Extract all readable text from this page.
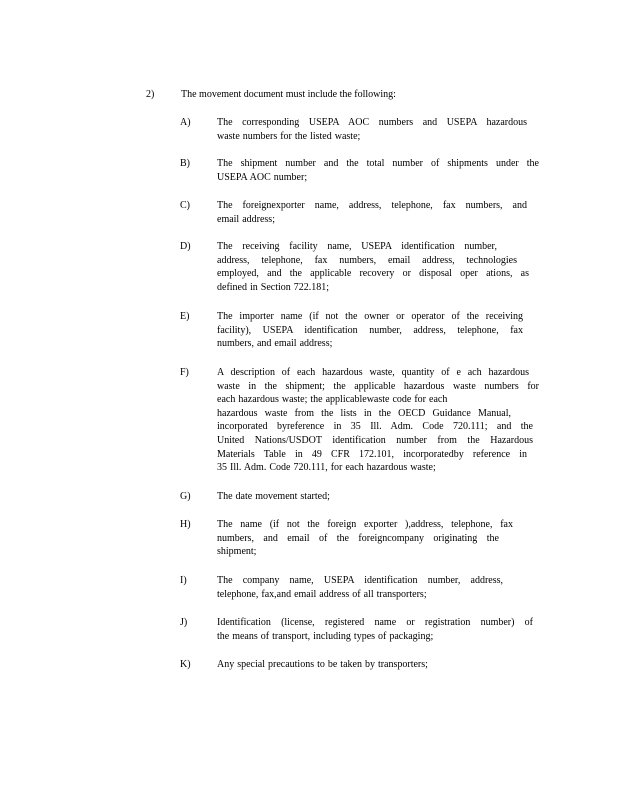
2)	The movement document must include the following:
A)	The corresponding USEPA AOC numbers and USEPA hazardous
waste numbers for the listed waste;
B)	The shipment number and the total number of shipments under the
USEPA AOC number;
C)	The foreignexporter name, address, telephone, fax numbers, and
email address;
D)	The receiving facility name, USEPA identification number,
address, telephone, fax numbers, email address, technologies
employed, and the applicable recovery or disposal oper ations, as
defined in Section 722.181;
E)	The importer name (if not the owner or operator of the receiving
facility), USEPA identification number, address, telephone, fax
numbers, and email address;
F)	A description of each hazardous waste, quantity of e ach hazardous
waste in the shipment; the applicable hazardous waste numbers for
each hazardous waste; the applicablewaste code for each
hazardous waste from the lists in the OECD Guidance Manual,
incorporated byreference in 35 Ill. Adm. Code 720.111; and the
United Nations/USDOT identification number from the Hazardous
Materials Table in 49 CFR 172.101, incorporatedby reference in
35 Ill. Adm. Code 720.111, for each hazardous waste;
G)	The date movement started;
H)	The name (if not the foreign exporter ),address, telephone, fax
numbers, and email of the foreigncompany originating the
shipment;
I)	The company name, USEPA identification number, address,
telephone, fax,and email address of all transporters;
J)	Identification (license, registered name or registration number) of
the means of transport, including types of packaging;
K)	Any special precautions to be taken by transporters;
